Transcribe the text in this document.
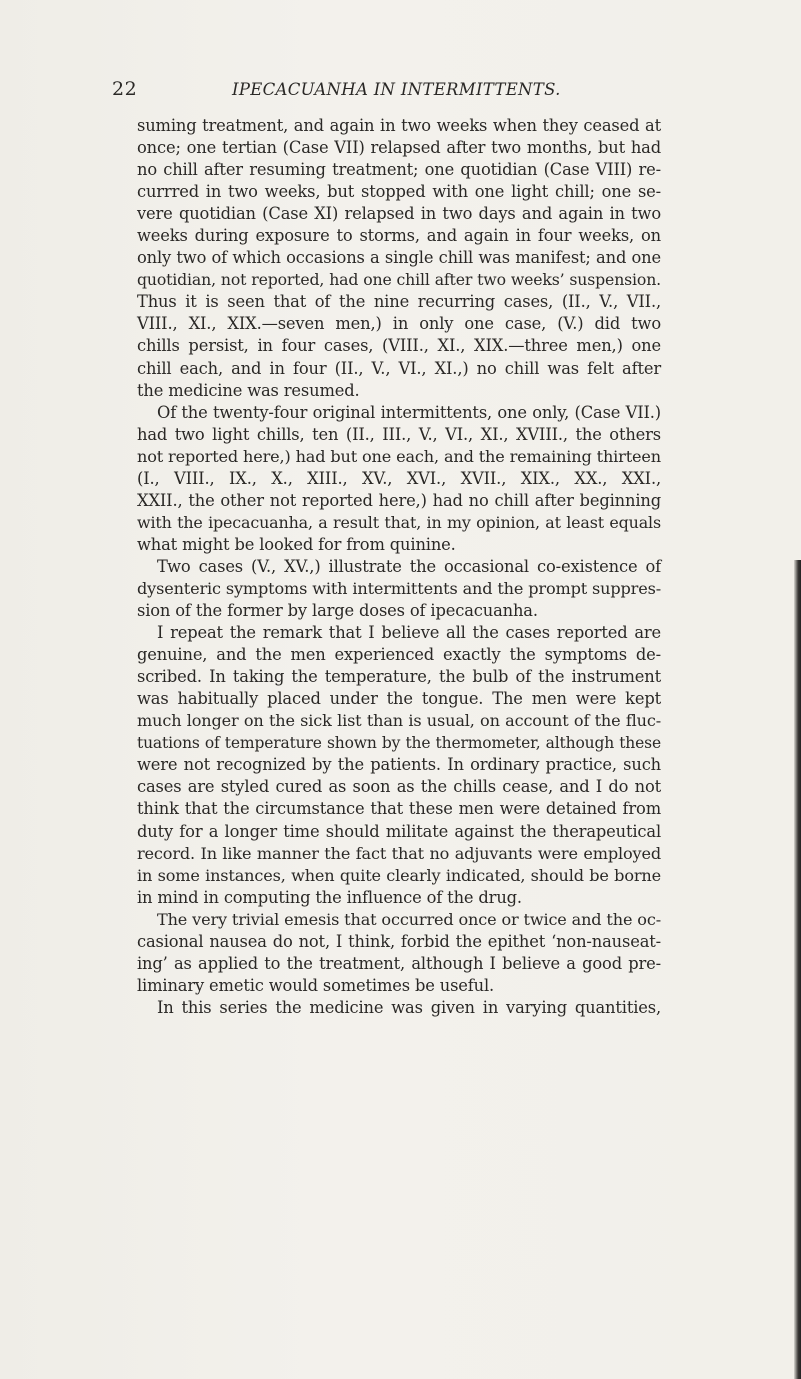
22	IPECACUANHA IN INTERMITTENTS.
suming treatment, and again in two weeks when they ceased at
once; one tertian (Case VII) relapsed after two months, but had
no chill after resuming treatment; one quotidian (Case VIII) re-
currred in two weeks, but stopped with one light chill; one se-
vere quotidian (Case XI) relapsed in two days and again in two
weeks during exposure to storms, and again in four weeks, on
only two of which occasions a single chill was manifest; and one
quotidian, not reported, had one chill after two weeks’ suspension.
Thus it is seen that of the nine recurring cases, (II., V., VII.,
VIII., XI., XIX.—seven men,) in only one case, (V.) did two
chills persist, in four cases, (VIII., XI., XIX.—three men,) one
chill each, and in four (II., V., VI., XI.,) no chill was felt after
the medicine was resumed.
Of the twenty-four original intermittents, one only, (Case VII.)
had two light chills, ten (II., III., V., VI., XI., XVIII., the others
not reported here,) had but one each, and the remaining thirteen
(I., VIII., IX., X., XIII., XV., XVI., XVII., XIX., XX., XXI.,
XXII., the other not reported here,) had no chill after beginning
with the ipecacuanha, a result that, in my opinion, at least equals
what might be looked for from quinine.
Two cases (V., XV.,) illustrate the occasional co-existence of
dysenteric symptoms with intermittents and the prompt suppres-
sion of the former by large doses of ipecacuanha.
I repeat the remark that I believe all the cases reported are
genuine, and the men experienced exactly the symptoms de-
scribed. In taking the temperature, the bulb of the instrument
was habitually placed under the tongue. The men were kept
much longer on the sick list than is usual, on account of the fluc-
tuations of temperature shown by the thermometer, although these
were not recognized by the patients. In ordinary practice, such
cases are styled cured as soon as the chills cease, and I do not
think that the circumstance that these men were detained from
duty for a longer time should militate against the therapeutical
record. In like manner the fact that no adjuvants were employed
in some instances, when quite clearly indicated, should be borne
in mind in computing the influence of the drug.
The very trivial emesis that occurred once or twice and the oc-
casional nausea do not, I think, forbid the epithet ‘non-nauseat-
ing’ as applied to the treatment, although I believe a good pre-
liminary emetic would sometimes be useful.
In this series the medicine was given in varying quantities,
